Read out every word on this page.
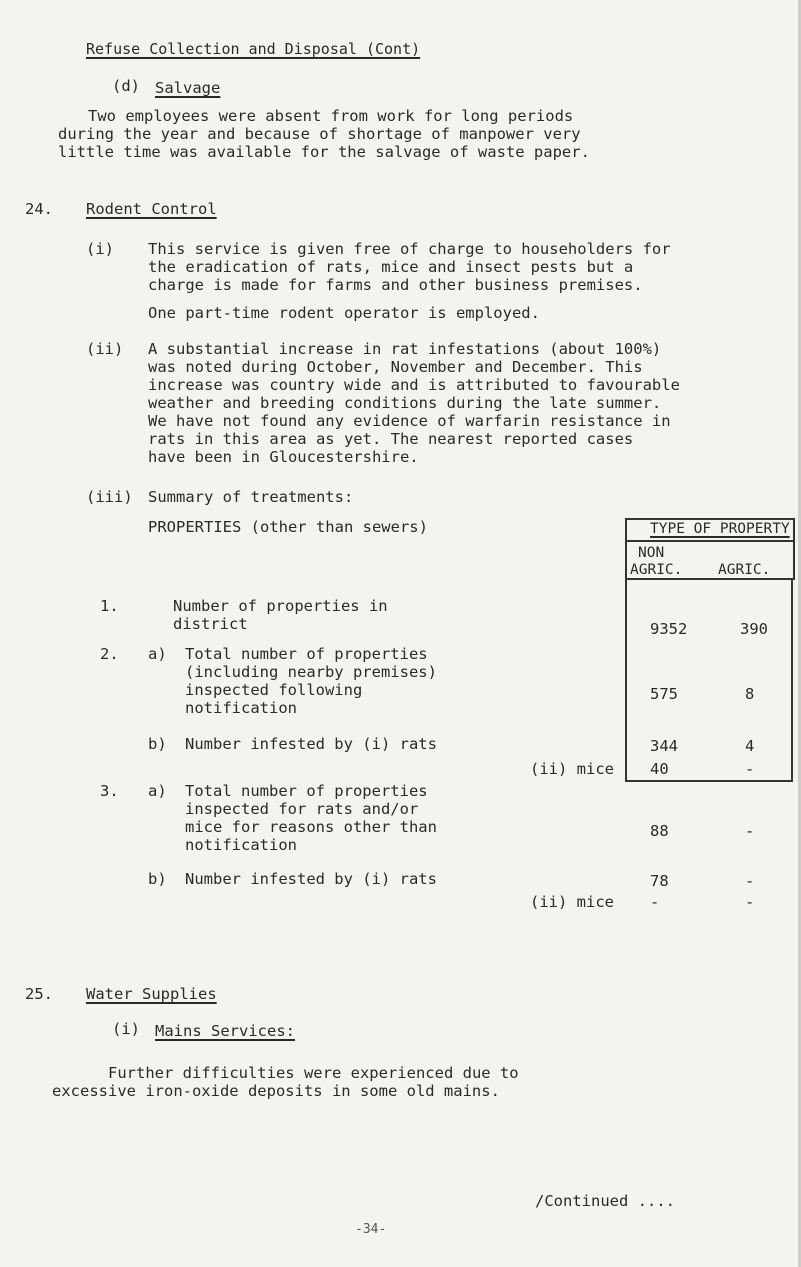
Refuse Collection and Disposal (Cont)
(d) Salvage
Two employees were absent from work for long periods
during the year and because of shortage of manpower very
little time was available for the salvage of waste paper.
24. Rodent Control
(i) This service is given free of charge to householders for
the eradication of rats, mice and insect pests but a
charge is made for farms and other business premises.
One part-time rodent operator is employed.
(ii) A substantial increase in rat infestations (about 100%)
was noted during October, November and December. This
increase was country wide and is attributed to favourable
weather and breeding conditions during the late summer.
We have not found any evidence of warfarin resistance in
rats in this area as yet. The nearest reported cases
have been in Gloucestershire.
(iii) Summary of treatments:
PROPERTIES (other than sewers)	TYPE OF PROPERTY
NON
AGRIC. AGRIC.
1.	Number of properties in
district	9352	390
2. a) Total number of properties
(including nearby premises)
inspected following
notification
575	8
b) Number infested by (i) rats	344	4
(ii) mice 40	-
3. a) Total number of properties
inspected for rats and/or
mice for reasons other than
notification
88	-
b) Number infested by (i) rats	78	-
(ii) mice -	-
25. Water Supplies
(i) Mains Services:
Further difficulties were experienced due to
excessive iron-oxide deposits in some old mains.
/Continued ....
-34-
